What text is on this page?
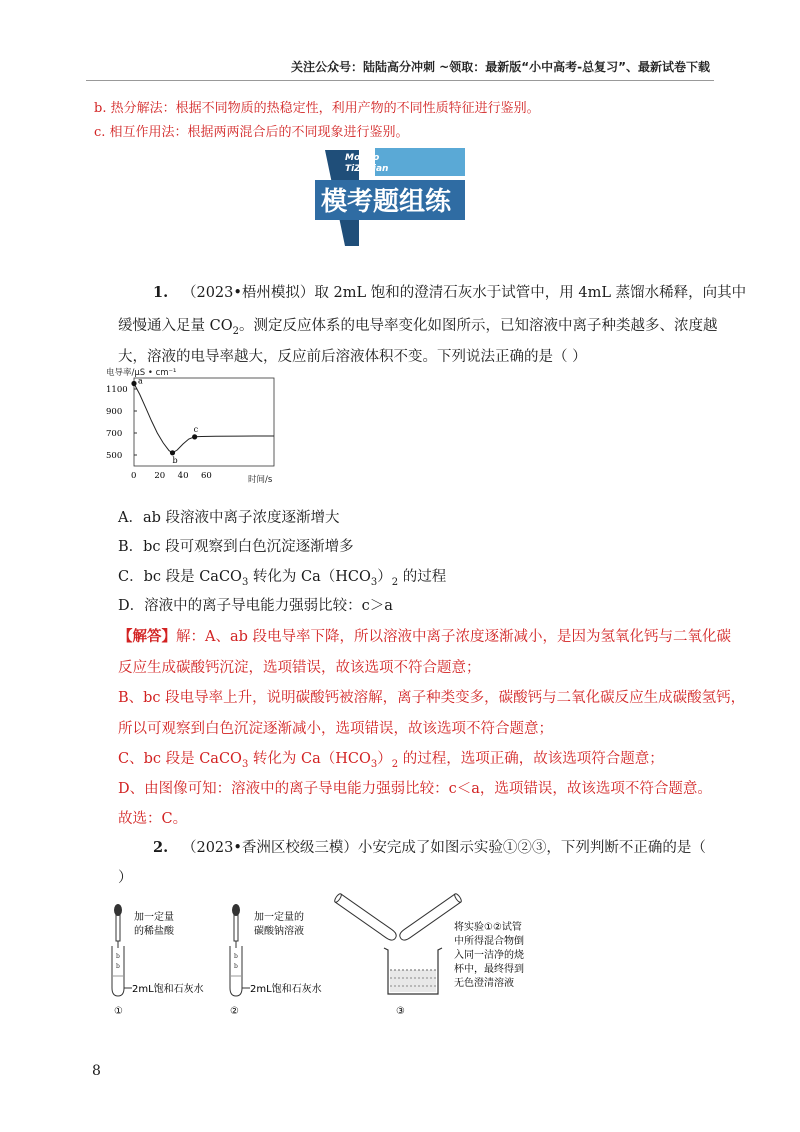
关注公众号：陆陆高分冲刺 ~领取：最新版“小中高考-总复习”、最新试卷下载
b. 热分解法：根据不同物质的热稳定性，利用产物的不同性质特征进行鉴别。
c. 相互作用法：根据两两混合后的不同现象进行鉴别。
MoKao
TiZuLian
模考题组练
1. （2023•梧州模拟）取 2mL 饱和的澄清石灰水于试管中，用 4mL 蒸馏水稀释，向其中
缓慢通入足量 $CO_2$。测定反应体系的电导率变化如图所示，已知溶液中离子种类越多、浓度越
大，溶液的电导率越大，反应前后溶液体积不变。下列说法正确的是（ ）
电导率/μS • cm⁻¹
时间/s
1100
900
700
500
0 20 40 60
a
b
c
A．ab 段溶液中离子浓度逐渐增大
B．bc 段可观察到白色沉淀逐渐增多
C．bc 段是 CaCO$_3$ 转化为 $Ca(HCO_3)_2$ 的过程
D．溶液中的离子导电能力强弱比较：c＞a
【解答】解：A、ab 段电导率下降，所以溶液中离子浓度逐渐减小，是因为氢氧化钙与二氧化碳
反应生成碳酸钙沉淀，选项错误，故该选项不符合题意；
B、bc 段电导率上升，说明碳酸钙被溶解，离子种类变多，碳酸钙与二氧化碳反应生成碳酸氢钙，
所以可观察到白色沉淀逐渐减小，选项错误，故该选项不符合题意；
C、bc 段是 CaCO$_3$ 转化为 $Ca(HCO_3)_2$ 的过程，选项正确，故该选项符合题意；
D、由图像可知：溶液中的离子导电能力强弱比较：c＜a，选项错误，故该选项不符合题意。
故选：C。
2. （2023•香洲区校级三模）小安完成了如图示实验①②③，下列判断不正确的是（
）
b
b
加一定量
的稀盐酸
2mL饱和石灰水
①
b
b
加一定量的
碳酸钠溶液
2mL饱和石灰水
②
将实验①②试管
中所得混合物倒
入同一洁净的烧
杯中，最终得到
无色澄清溶液
③
8
